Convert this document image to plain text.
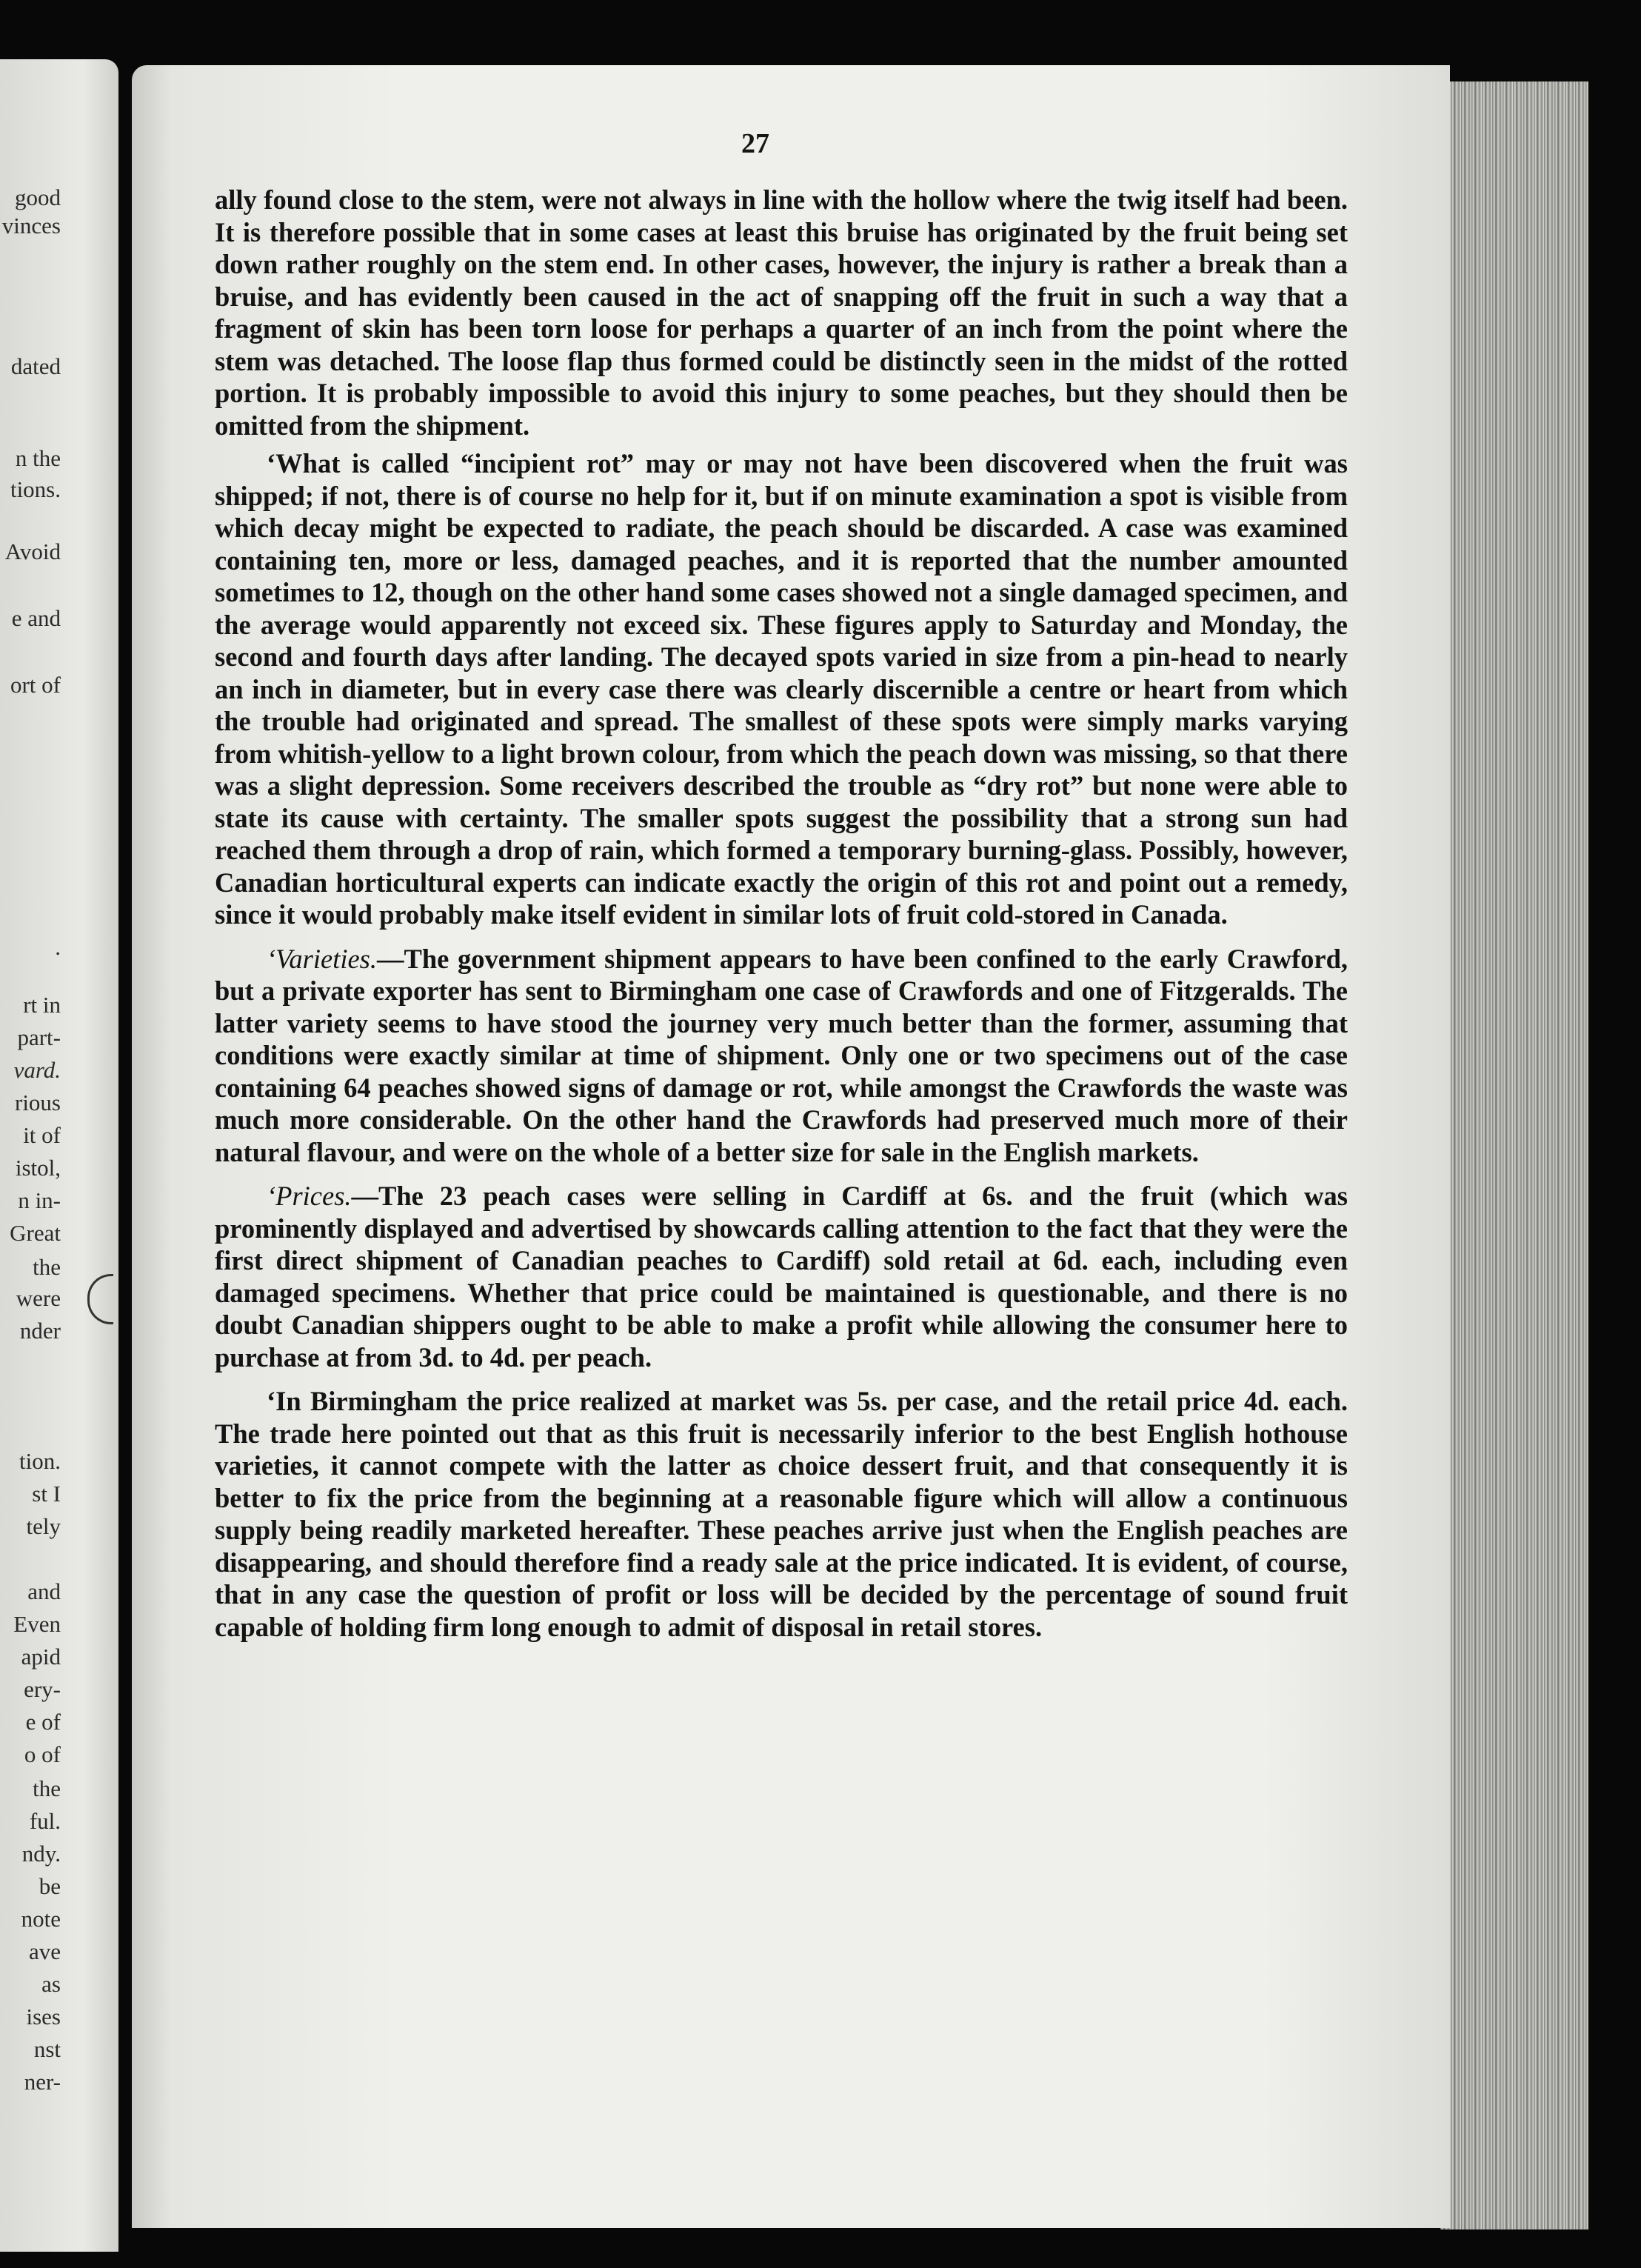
good
vinces
dated
n the
tions.
Avoid
e and
ort of
.
rt in
part-
vard.
rious
it of
istol,
n in-
Great
the
were
nder
tion.
st I
tely
and
Even
apid
ery-
e of
o of
the
ful.
ndy.
be
note
ave
as
ises
nst
ner-
27

ally found close to the stem, were not always in line with the hollow where the twig itself had been. It is therefore possible that in some cases at least this bruise has originated by the fruit being set down rather roughly on the stem end. In other cases, however, the injury is rather a break than a bruise, and has evidently been caused in the act of snapping off the fruit in such a way that a fragment of skin has been torn loose for perhaps a quarter of an inch from the point where the stem was detached. The loose flap thus formed could be distinctly seen in the midst of the rotted portion. It is probably impossible to avoid this injury to some peaches, but they should then be omitted from the shipment.

‘What is called “incipient rot” may or may not have been discovered when the fruit was shipped; if not, there is of course no help for it, but if on minute examination a spot is visible from which decay might be expected to radiate, the peach should be discarded. A case was examined containing ten, more or less, damaged peaches, and it is reported that the number amounted sometimes to 12, though on the other hand some cases showed not a single damaged specimen, and the average would apparently not exceed six. These figures apply to Saturday and Monday, the second and fourth days after landing. The decayed spots varied in size from a pin-head to nearly an inch in diameter, but in every case there was clearly discernible a centre or heart from which the trouble had originated and spread. The smallest of these spots were simply marks varying from whitish-yellow to a light brown colour, from which the peach down was missing, so that there was a slight depression. Some receivers described the trouble as “dry rot” but none were able to state its cause with certainty. The smaller spots suggest the possibility that a strong sun had reached them through a drop of rain, which formed a temporary burning-glass. Possibly, however, Canadian horticultural experts can indicate exactly the origin of this rot and point out a remedy, since it would probably make itself evident in similar lots of fruit cold-stored in Canada.

‘Varieties.—The government shipment appears to have been confined to the early Crawford, but a private exporter has sent to Birmingham one case of Crawfords and one of Fitzgeralds. The latter variety seems to have stood the journey very much better than the former, assuming that conditions were exactly similar at time of shipment. Only one or two specimens out of the case containing 64 peaches showed signs of damage or rot, while amongst the Crawfords the waste was much more considerable. On the other hand the Crawfords had preserved much more of their natural flavour, and were on the whole of a better size for sale in the English markets.

‘Prices.—The 23 peach cases were selling in Cardiff at 6s. and the fruit (which was prominently displayed and advertised by showcards calling attention to the fact that they were the first direct shipment of Canadian peaches to Cardiff) sold retail at 6d. each, including even damaged specimens. Whether that price could be maintained is questionable, and there is no doubt Canadian shippers ought to be able to make a profit while allowing the consumer here to purchase at from 3d. to 4d. per peach.

‘In Birmingham the price realized at market was 5s. per case, and the retail price 4d. each. The trade here pointed out that as this fruit is necessarily inferior to the best English hothouse varieties, it cannot compete with the latter as choice dessert fruit, and that consequently it is better to fix the price from the beginning at a reasonable figure which will allow a continuous supply being readily marketed hereafter. These peaches arrive just when the English peaches are disappearing, and should therefore find a ready sale at the price indicated. It is evident, of course, that in any case the question of profit or loss will be decided by the percentage of sound fruit capable of holding firm long enough to admit of disposal in retail stores.
